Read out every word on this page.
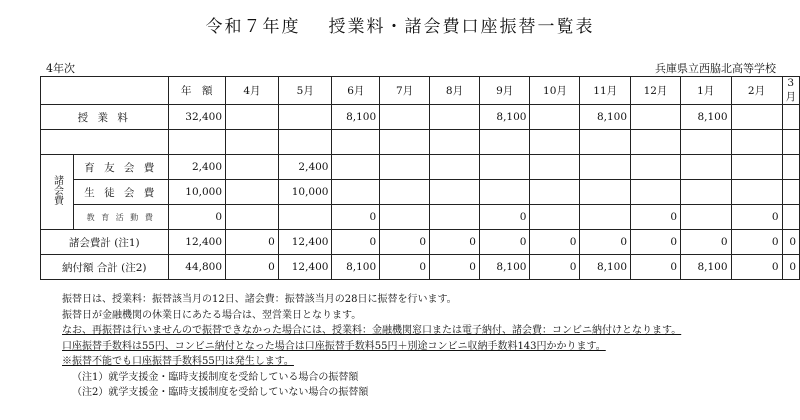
令和７年度 授業料・諸会費口座振替一覧表
4年次	兵庫県立西脇北高等学校
		年　額	4月	5月	6月	7月	8月	9月	10月	11月	12月	1月	2月	3月
授 業 料		32,400			8,100			8,100		8,100		8,100		

諸会費	育 友 会 費	2,400		2,400										
	生 徒 会 費	10,000		10,000										
	教 育 活 動 費	0			0			0			0		0	
諸会費計 (注1)		12,400	0	12,400	0	0	0	0	0	0	0	0	0	0
納付額 合計 (注2)		44,800	0	12,400	8,100	0	0	8,100	0	8,100	0	8,100	0	0
振替日は、授業料：振替該当月の12日、諸会費：振替該当月の28日に振替を行います。
振替日が金融機関の休業日にあたる場合は、翌営業日となります。
なお、再振替は行いませんので振替できなかった場合には、授業料：金融機関窓口または電子納付、諸会費：コンビニ納付けとなります。
口座振替手数料は55円、コンビニ納付となった場合は口座振替手数料55円＋別途コンビニ収納手数料143円かかります。
※振替不能でも口座振替手数料55円は発生します。
（注1）就学支援金・臨時支援制度を受給している場合の振替額
（注2）就学支援金・臨時支援制度を受給していない場合の振替額
